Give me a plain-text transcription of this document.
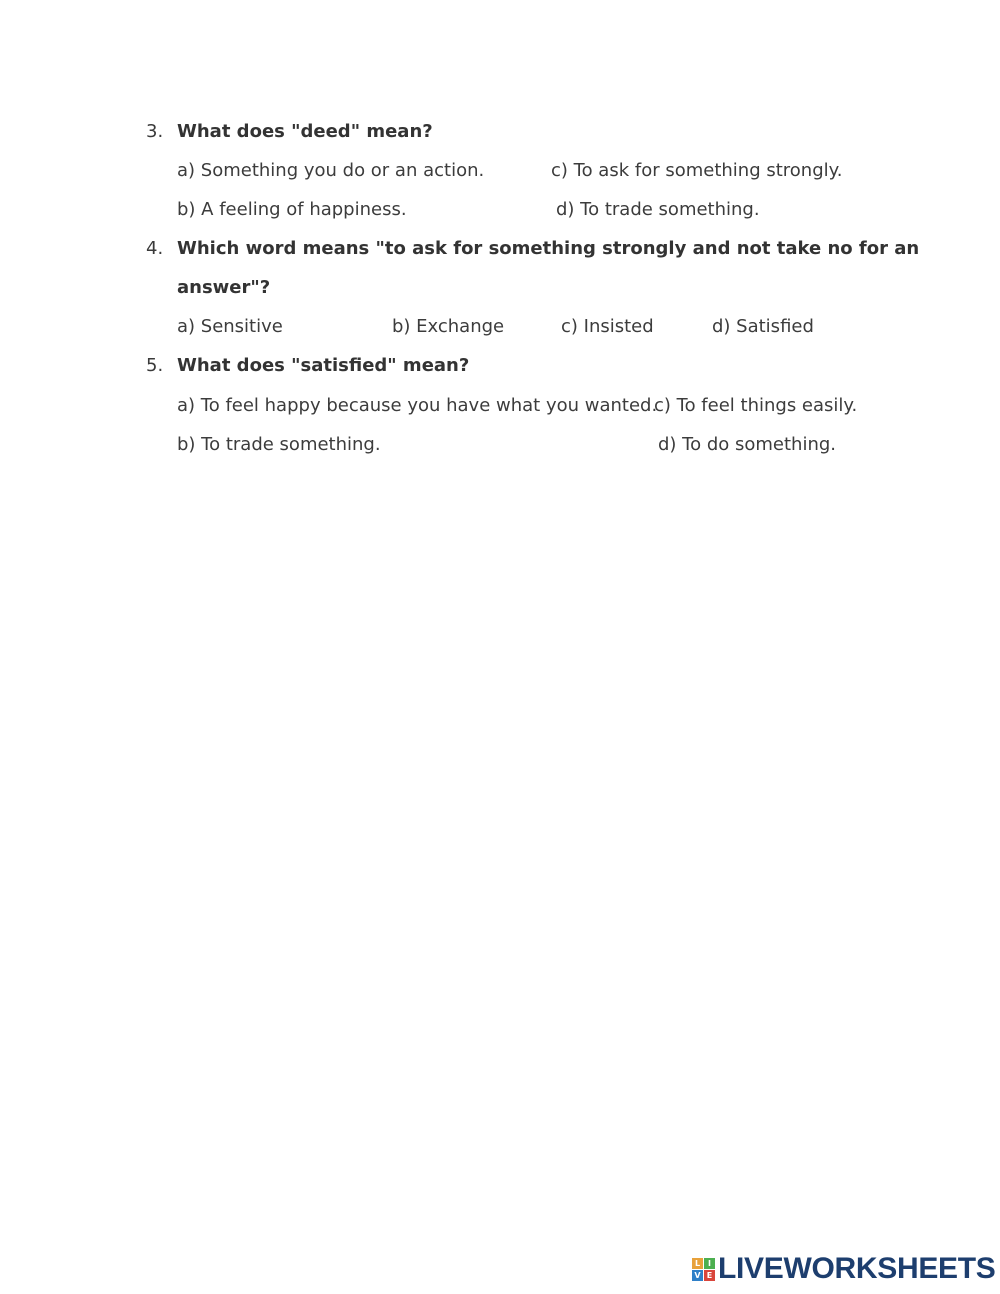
3. What does "deed" mean?
a) Something you do or an action.	c) To ask for something strongly.
b) A feeling of happiness.	d) To trade something.
4. Which word means "to ask for something strongly and not take no for an
answer"?
a) Sensitive	b) Exchange	c) Insisted	d) Satisfied
5. What does "satisfied" mean?
a) To feel happy because you have what you wanted.
c) To feel things easily.
b) To trade something.	d) To do something.
L I
V E LIVEWORKSHEETS
